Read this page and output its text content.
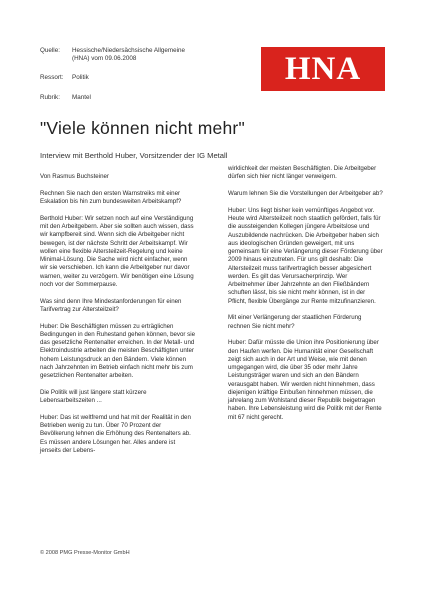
Quelle:	Hessische/Niedersächsische Allgemeine (HNA) vom 09.06.2008
Ressort:	Politik
Rubrik:	Mantel
HNA
"Viele können nicht mehr"
Interview mit Berthold Huber, Vorsitzender der IG Metall

Von Rasmus Buchsteiner

Rechnen Sie nach den ersten Warnstreiks mit einer Eskalation bis hin zum bundesweiten Arbeitskampf?

Berthold Huber: Wir setzen noch auf eine Verständigung mit den Arbeitgebern. Aber sie sollten auch wissen, dass wir kampfbereit sind. Wenn sich die Arbeitgeber nicht bewegen, ist der nächste Schritt der Arbeitskampf. Wir wollen eine flexible Altersteilzeit-Regelung und keine Minimal-Lösung. Die Sache wird nicht einfacher, wenn wir sie verschieben. Ich kann die Arbeitgeber nur davor warnen, weiter zu verzögern. Wir benötigen eine Lösung noch vor der Sommerpause.

Was sind denn Ihre Mindestanforderungen für einen Tarifvertrag zur Altersteilzeit?

Huber: Die Beschäftigten müssen zu erträglichen Bedingungen in den Ruhestand gehen können, bevor sie das gesetzliche Rentenalter erreichen. In der Metall- und Elektroindustrie arbeiten die meisten Beschäftigten unter hohem Leistungsdruck an den Bändern. Viele können nach Jahrzehnten im Betrieb einfach nicht mehr bis zum gesetzlichen Rentenalter arbeiten.

Die Politik will just längere statt kürzere Lebensarbeitszeiten ...

Huber: Das ist weltfremd und hat mit der Realität in den Betrieben wenig zu tun. Über 70 Prozent der Bevölkerung lehnen die Erhöhung des Rentenalters ab. Es müssen andere Lösungen her. Alles andere ist jenseits der Lebens-

wirklichkeit der meisten Beschäftigten. Die Arbeitgeber dürfen sich hier nicht länger verweigern.

Warum lehnen Sie die Vorstellungen der Arbeitgeber ab?

Huber: Uns liegt bisher kein vernünftiges Angebot vor. Heute wird Altersteilzeit noch staatlich gefördert, falls für die aussteigenden Kollegen jüngere Arbeitslose und Auszubildende nachrücken. Die Arbeitgeber haben sich aus ideologischen Gründen geweigert, mit uns gemeinsam für eine Verlängerung dieser Förderung über 2009 hinaus einzutreten. Für uns gilt deshalb: Die Altersteilzeit muss tarifvertraglich besser abgesichert werden. Es gilt das Verursacherprinzip. Wer Arbeitnehmer über Jahrzehnte an den Fließbändern schuften lässt, bis sie nicht mehr können, ist in der Pflicht, flexible Übergänge zur Rente mitzufinanzieren.

Mit einer Verlängerung der staatlichen Förderung rechnen Sie nicht mehr?

Huber: Dafür müsste die Union ihre Positionierung über den Haufen werfen. Die Humanität einer Gesellschaft zeigt sich auch in der Art und Weise, wie mit denen umgegangen wird, die über 35 oder mehr Jahre Leistungsträger waren und sich an den Bändern verausgabt haben. Wir werden nicht hinnehmen, dass diejenigen kräftige Einbußen hinnehmen müssen, die jahrelang zum Wohlstand dieser Republik beigetragen haben. Ihre Lebensleistung wird die Politik mit der Rente mit 67 nicht gerecht.

© 2008 PMG Presse-Monitor GmbH
